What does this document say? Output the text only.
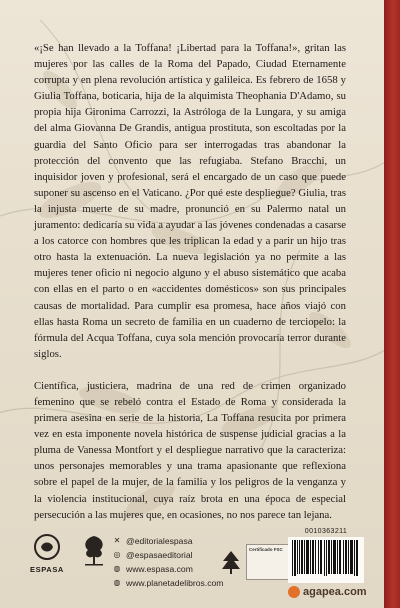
«¡Se han llevado a la Toffana! ¡Libertad para la Toffana!», gritan las mujeres por las calles de la Roma del Papado, Ciudad Eternamente corrupta y en plena revolución artística y galileica. Es febrero de 1658 y Giulia Toffana, boticaria, hija de la alquimista Theophania D'Adamo, su propia hija Gironima Carrozzi, la Astróloga de la Lungara, y su amiga del alma Giovanna De Grandis, antigua prostituta, son escoltadas por la guardia del Santo Oficio para ser interrogadas tras abandonar la protección del convento que las refugiaba. Stefano Bracchi, un inquisidor joven y profesional, será el encargado de un caso que puede suponer su ascenso en el Vaticano. ¿Por qué este despliegue? Giulia, tras la injusta muerte de su madre, pronunció en su Palermo natal un juramento: dedicaría su vida a ayudar a las jóvenes condenadas a casarse a los catorce con hombres que les triplican la edad y a parir un hijo tras otro hasta la extenuación. La nueva legislación ya no permite a las mujeres tener oficio ni negocio alguno y el abuso sistemático que acaba con ellas en el parto o en «accidentes domésticos» son sus principales causas de mortalidad. Para cumplir esa promesa, hace años viajó con ellas hasta Roma un secreto de familia en un cuaderno de terciopelo: la fórmula del Acqua Toffana, cuya sola mención provocaría terror durante siglos.

Científica, justiciera, madrina de una red de crimen organizado femenino que se rebeló contra el Estado de Roma y considerada la primera asesina en serie de la historia, La Toffana resucita por primera vez en esta imponente novela histórica de suspense judicial gracias a la pluma de Vanessa Montfort y el despliegue narrativo que la caracteriza: unos personajes memorables y una trama apasionante que reflexiona sobre el papel de la mujer, de la familia y los peligros de la venganza y la violencia institucional, cuya raíz brota en una época de especial persecución a las mujeres que, en ocasiones, no nos parece tan lejana.

ESPASA
✕ @editorialespasa
◎ @espasaeditorial
◍ www.espasa.com
◍ www.planetadelibros.com
Certificado FSC
0010363211
agapea.com
